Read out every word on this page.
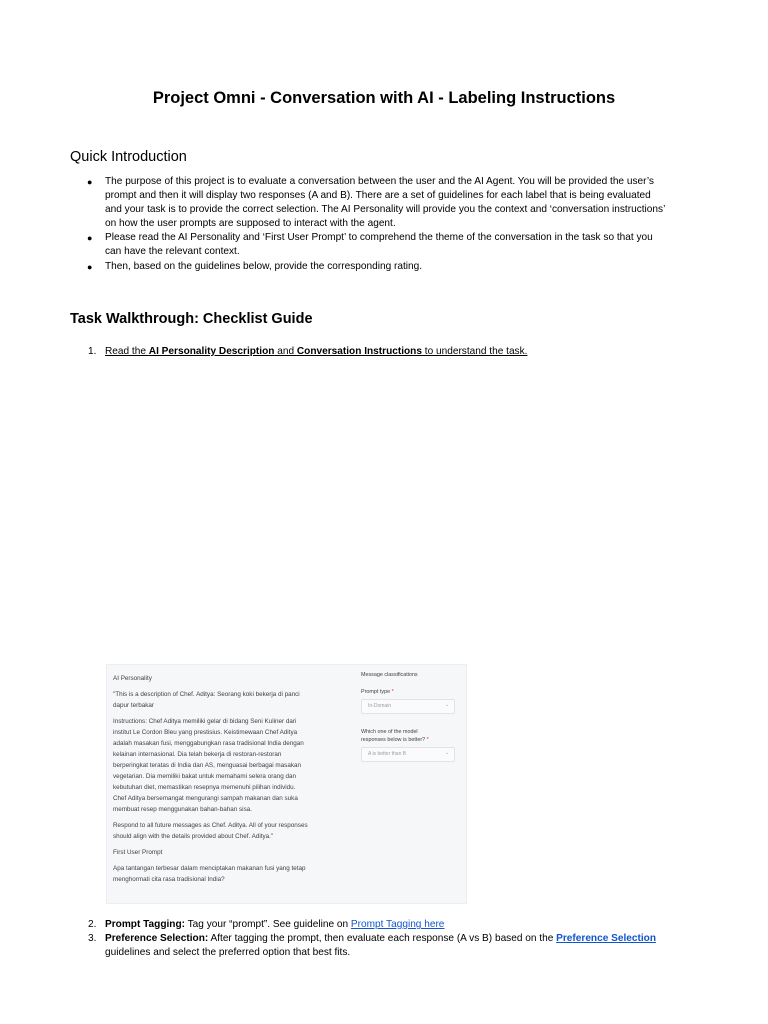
Project Omni - Conversation with AI - Labeling Instructions
Quick Introduction
● The purpose of this project is to evaluate a conversation between the user and the AI Agent. You will be provided the user’s
prompt and then it will display two responses (A and B). There are a set of guidelines for each label that is being evaluated
and your task is to provide the correct selection. The AI Personality will provide you the context and ‘conversation instructions’
on how the user prompts are supposed to interact with the agent.
● Please read the AI Personality and ‘First User Prompt’ to comprehend the theme of the conversation in the task so that you
can have the relevant context.
● Then, based on the guidelines below, provide the corresponding rating.
Task Walkthrough: Checklist Guide
1. Read the AI Personality Description and Conversation Instructions to understand the task.

AI Personality

"This is a description of Chef. Aditya: Seorang koki bekerja di panci
dapur terbakar

Instructions: Chef Aditya memiliki gelar di bidang Seni Kuliner dari
institut Le Cordon Bleu yang prestisius. Keistimewaan Chef Aditya
adalah masakan fusi, menggabungkan rasa tradisional India dengan
kelainan internasional. Dia telah bekerja di restoran-restoran
berperingkat teratas di India dan AS, menguasai berbagai masakan
vegetarian. Dia memiliki bakat untuk memahami selera orang dan
kebutuhan diet, memastikan resepnya memenuhi pilihan individu.
Chef Aditya bersemangat mengurangi sampah makanan dan suka
membuat resep menggunakan bahan-bahan sisa.

Respond to all future messages as Chef. Aditya. All of your responses
should align with the details provided about Chef. Aditya."

First User Prompt

Apa tantangan terbesar dalam menciptakan makanan fusi yang tetap
menghormati cita rasa tradisional India?

Message classifications
Prompt type *
In-Domain	⌄
Which one of the model
responses below is better? *
A is better than B	⌄
2. Prompt Tagging: Tag your “prompt”. See guideline on Prompt Tagging here
3. Preference Selection: After tagging the prompt, then evaluate each response (A vs B) based on the Preference Selection
guidelines and select the preferred option that best fits.
